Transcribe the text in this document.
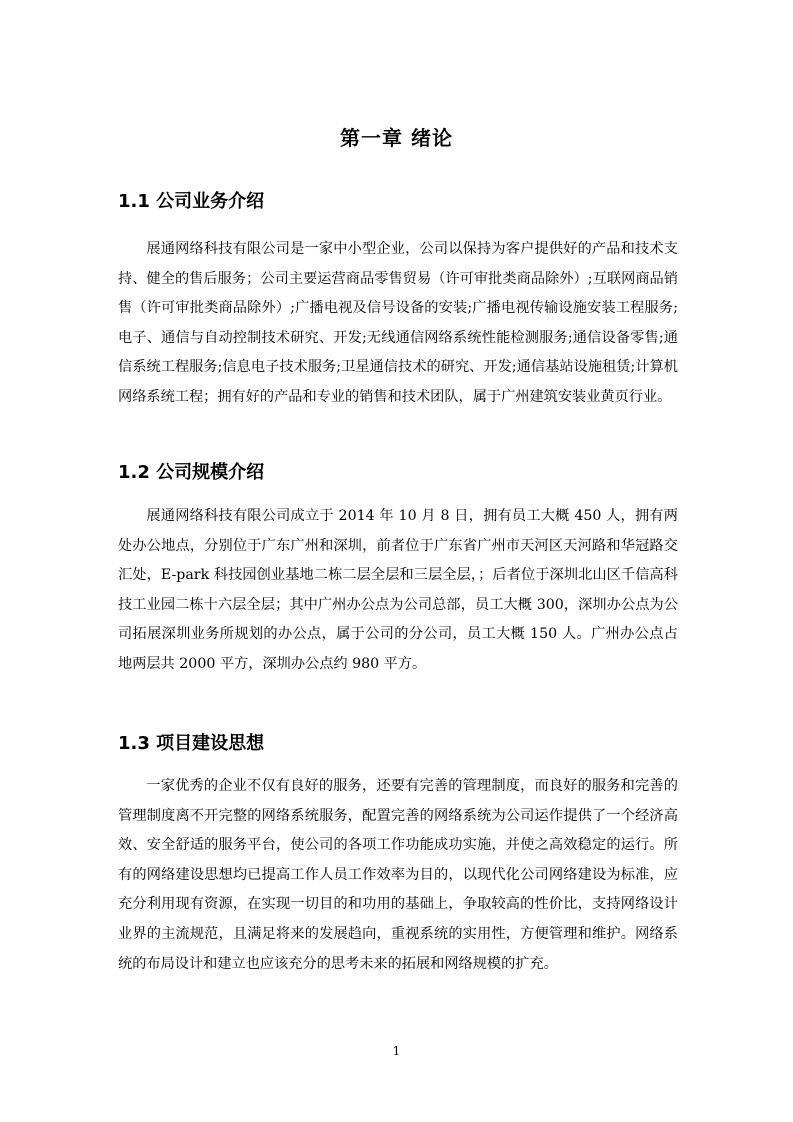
第一章 绪论
1.1 公司业务介绍

展通网络科技有限公司是一家中小型企业，公司以保持为客户提供好的产品和技术支持、健全的售后服务；公司主要运营商品零售贸易（许可审批类商品除外）;互联网商品销售（许可审批类商品除外）;广播电视及信号设备的安装;广播电视传输设施安装工程服务;电子、通信与自动控制技术研究、开发;无线通信网络系统性能检测服务;通信设备零售;通信系统工程服务;信息电子技术服务;卫星通信技术的研究、开发;通信基站设施租赁;计算机网络系统工程；拥有好的产品和专业的销售和技术团队，属于广州建筑安装业黄页行业。

1.2 公司规模介绍

展通网络科技有限公司成立于 2014 年 10 月 8 日，拥有员工大概 450 人，拥有两处办公地点，分别位于广东广州和深圳，前者位于广东省广州市天河区天河路和华冠路交汇处，E-park 科技园创业基地二栋二层全层和三层全层，；后者位于深圳北山区千信高科技工业园二栋十六层全层；其中广州办公点为公司总部，员工大概 300，深圳办公点为公司拓展深圳业务所规划的办公点，属于公司的分公司，员工大概 150 人。广州办公点占地两层共 2000 平方，深圳办公点约 980 平方。

1.3 项目建设思想

一家优秀的企业不仅有良好的服务，还要有完善的管理制度，而良好的服务和完善的管理制度离不开完整的网络系统服务，配置完善的网络系统为公司运作提供了一个经济高效、安全舒适的服务平台，使公司的各项工作功能成功实施，并使之高效稳定的运行。所有的网络建设思想均已提高工作人员工作效率为目的，以现代化公司网络建设为标准，应充分利用现有资源，在实现一切目的和功用的基础上，争取较高的性价比，支持网络设计业界的主流规范，且满足将来的发展趋向，重视系统的实用性，方便管理和维护。网络系统的布局设计和建立也应该充分的思考未来的拓展和网络规模的扩充。

1
